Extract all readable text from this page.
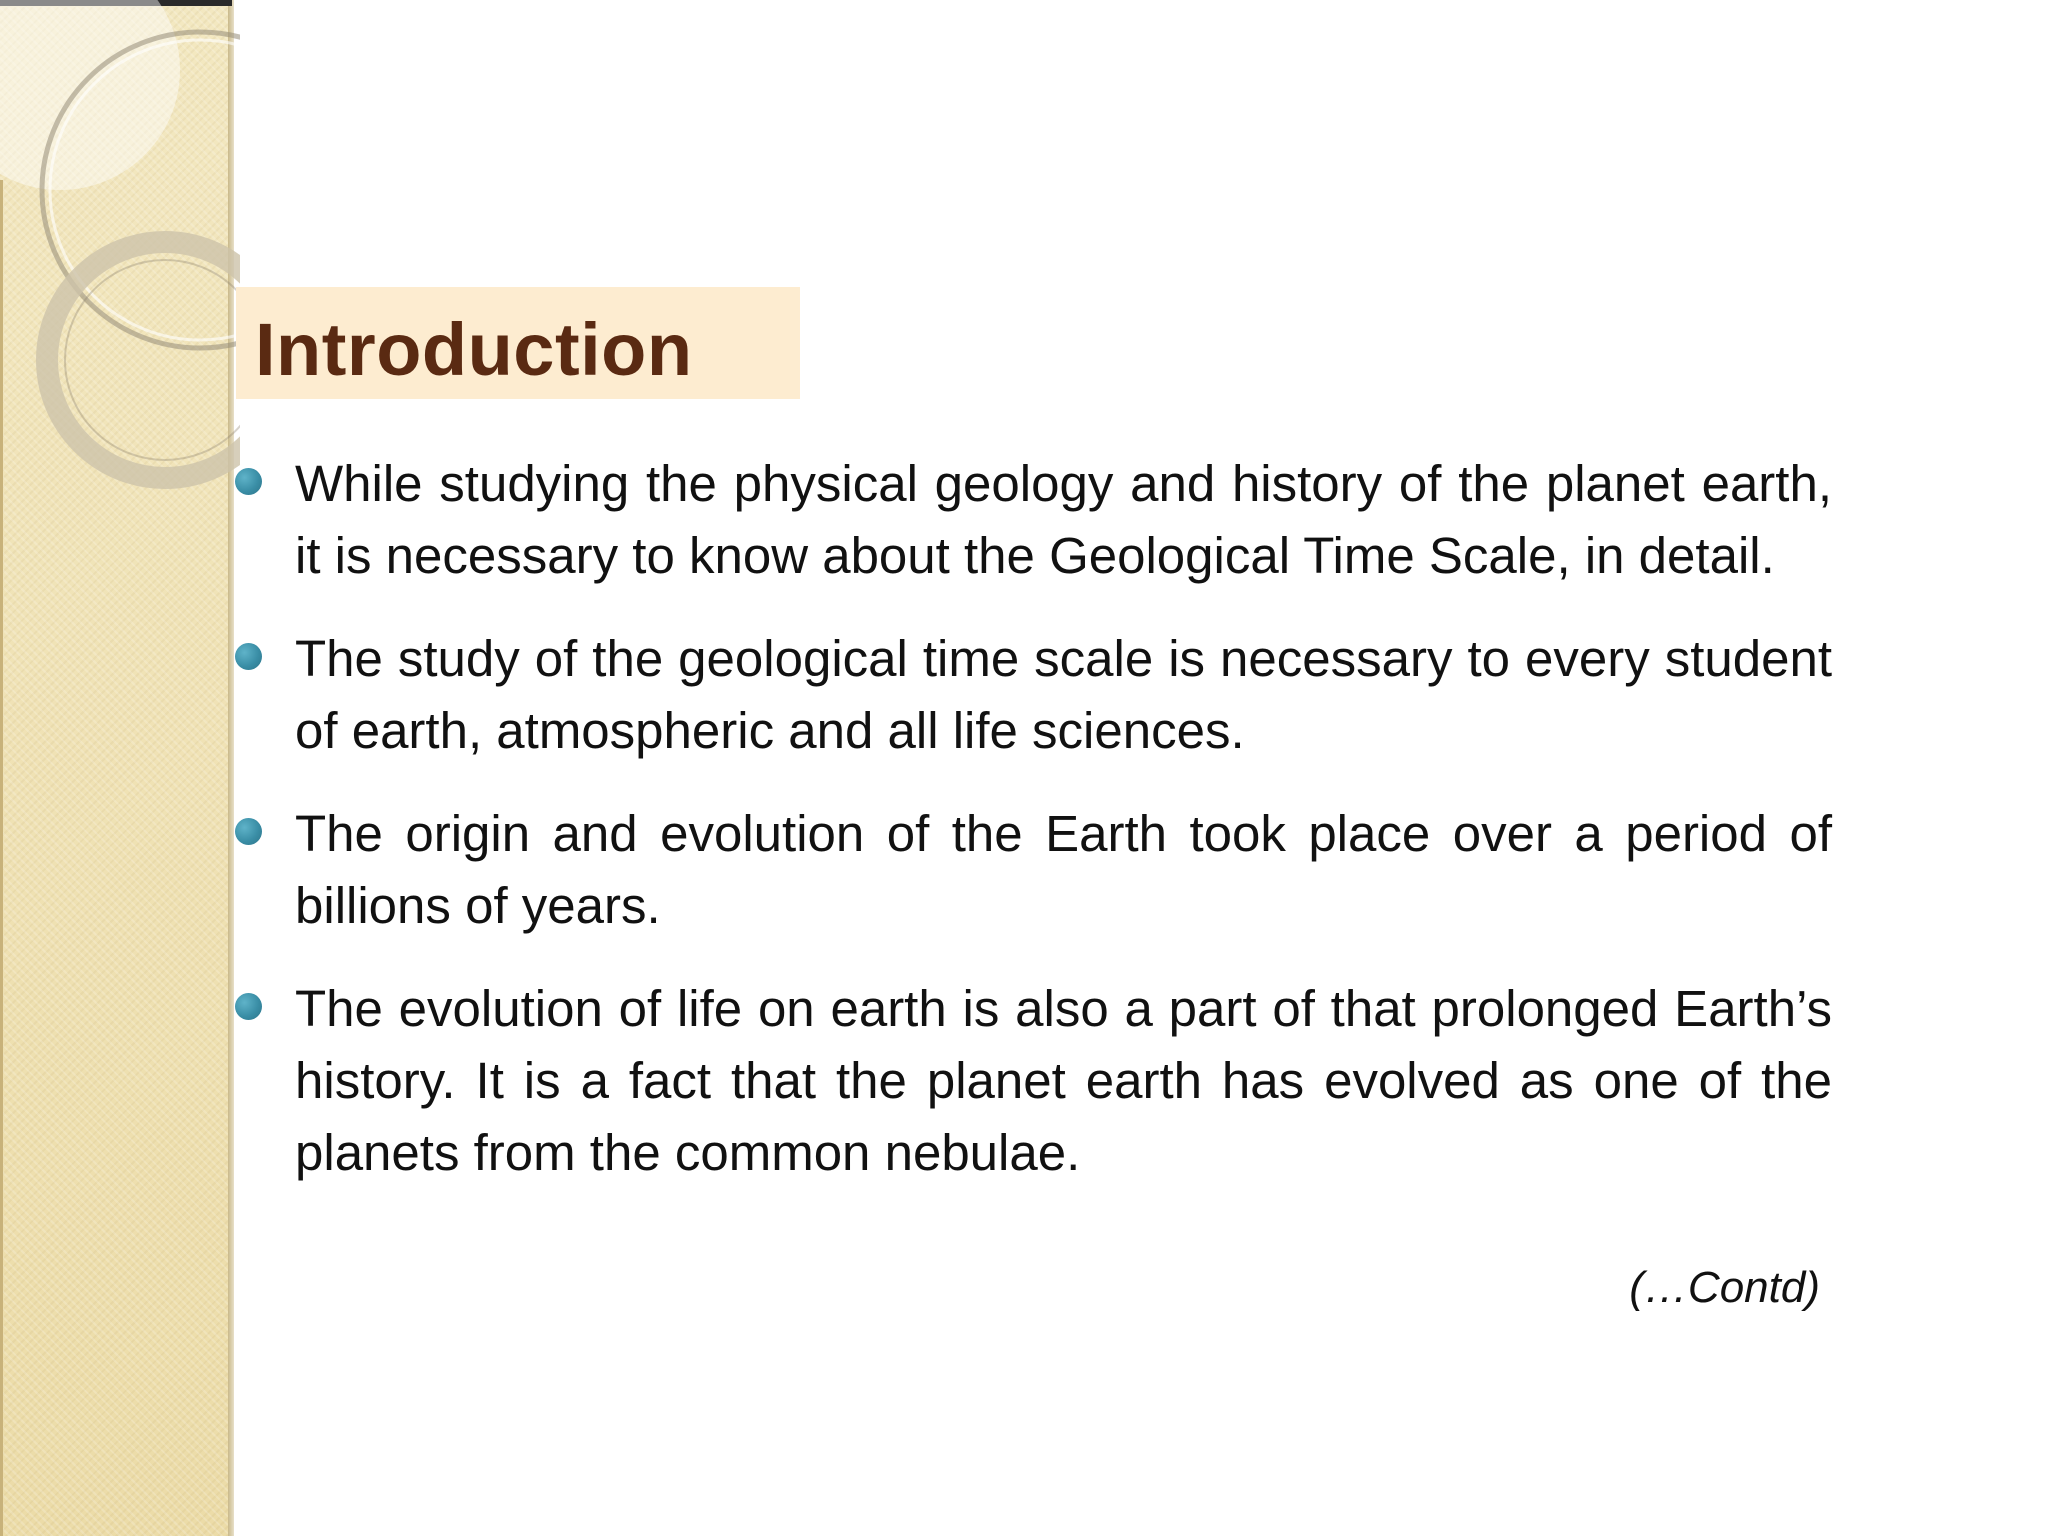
Introduction
While studying the physical geology and history of the planet earth, it is necessary to know about the Geological Time Scale, in detail.
The study of the geological time scale is necessary to every student of earth, atmospheric and all life sciences.
The origin and evolution of the Earth took place over a period of billions of years.
The evolution of life on earth is also a part of that prolonged Earth’s history. It is a fact that the planet earth has evolved as one of the planets from the common nebulae.
(…Contd)
